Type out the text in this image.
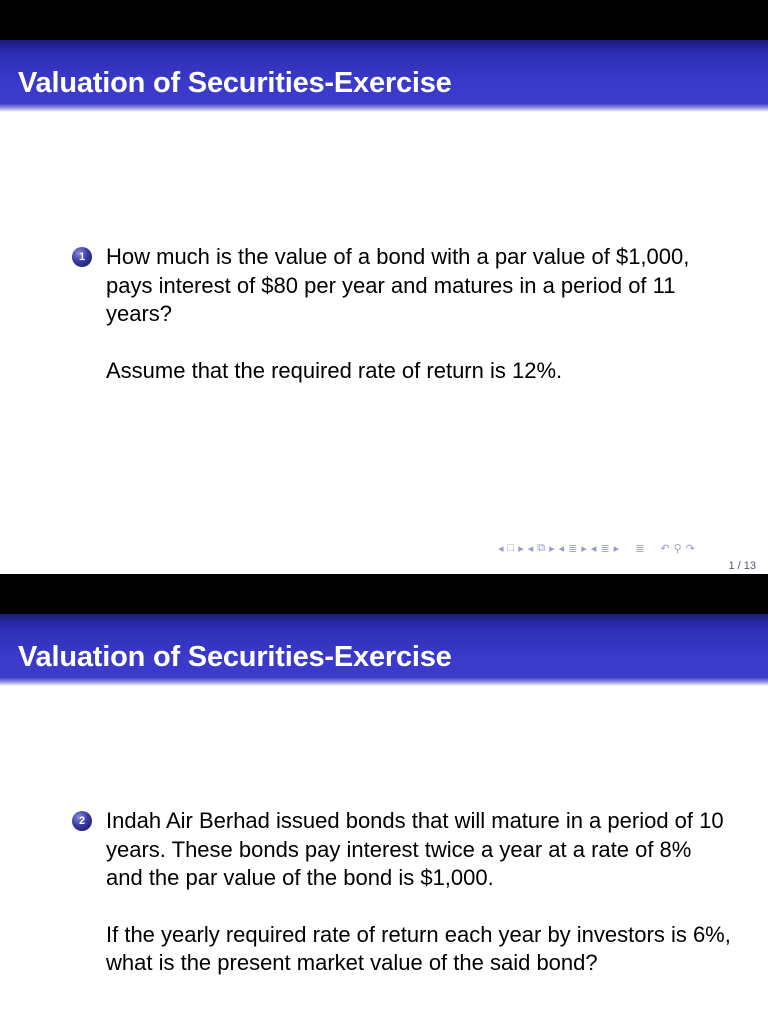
Valuation of Securities-Exercise
1 How much is the value of a bond with a par value of $1,000, pays interest of $80 per year and matures in a period of 11 years?

Assume that the required rate of return is 12%.

◂ □ ▸ ◂ ⧉ ▸ ◂ ≣ ▸ ◂ ≣ ▸ ≣ ↶ ⚲ ↷
1 / 13
Valuation of Securities-Exercise
2 Indah Air Berhad issued bonds that will mature in a period of 10 years. These bonds pay interest twice a year at a rate of 8% and the par value of the bond is $1,000.

If the yearly required rate of return each year by investors is 6%, what is the present market value of the said bond?
